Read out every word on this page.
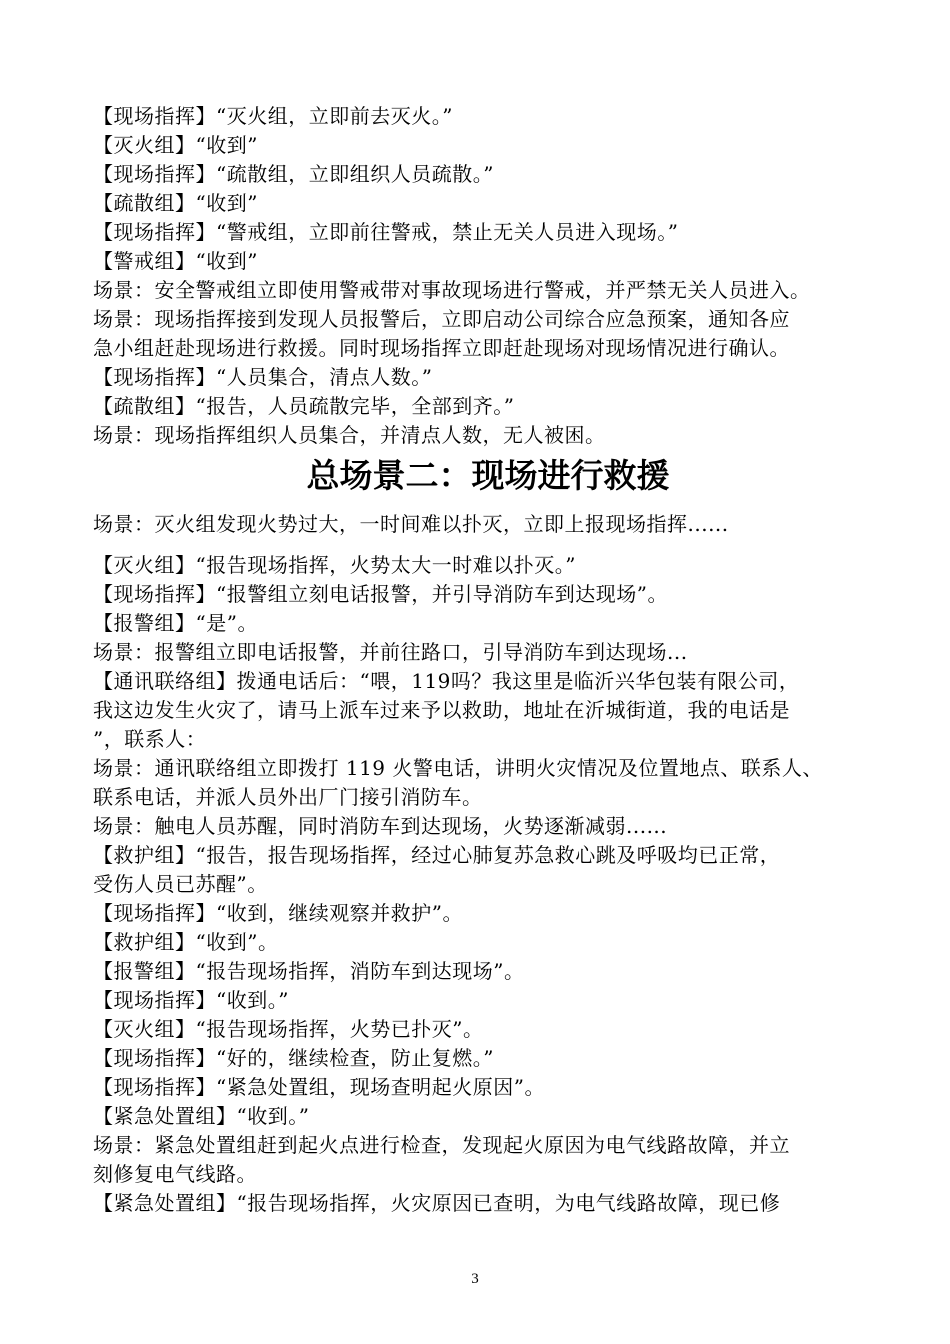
【现场指挥】“灭火组，立即前去灭火。”
【灭火组】“收到”
【现场指挥】“疏散组，立即组织人员疏散。”
【疏散组】“收到”
【现场指挥】“警戒组，立即前往警戒，禁止无关人员进入现场。”
【警戒组】“收到”
场景：安全警戒组立即使用警戒带对事故现场进行警戒，并严禁无关人员进入。
场景：现场指挥接到发现人员报警后，立即启动公司综合应急预案，通知各应
急小组赶赴现场进行救援。同时现场指挥立即赶赴现场对现场情况进行确认。
【现场指挥】“人员集合，清点人数。”
【疏散组】“报告，人员疏散完毕，全部到齐。”
场景：现场指挥组织人员集合，并清点人数，无人被困。
总场景二：现场进行救援
场景：灭火组发现火势过大，一时间难以扑灭，立即上报现场指挥......
【灭火组】“报告现场指挥，火势太大一时难以扑灭。”
【现场指挥】“报警组立刻电话报警，并引导消防车到达现场”。
【报警组】“是”。
场景：报警组立即电话报警，并前往路口，引导消防车到达现场...
【通讯联络组】拨通电话后：“喂，119吗？我这里是临沂兴华包装有限公司，
我这边发生火灾了，请马上派车过来予以救助，地址在沂城街道，我的电话是
”，联系人：
场景：通讯联络组立即拨打 119 火警电话，讲明火灾情况及位置地点、联系人、
联系电话，并派人员外出厂门接引消防车。
场景：触电人员苏醒，同时消防车到达现场，火势逐渐减弱......
【救护组】“报告，报告现场指挥，经过心肺复苏急救心跳及呼吸均已正常，
受伤人员已苏醒”。
【现场指挥】“收到，继续观察并救护”。
【救护组】“收到”。
【报警组】“报告现场指挥，消防车到达现场”。
【现场指挥】“收到。”
【灭火组】“报告现场指挥，火势已扑灭”。
【现场指挥】“好的，继续检查，防止复燃。”
【现场指挥】“紧急处置组，现场查明起火原因”。
【紧急处置组】“收到。”
场景：紧急处置组赶到起火点进行检查，发现起火原因为电气线路故障，并立
刻修复电气线路。
【紧急处置组】“报告现场指挥，火灾原因已查明，为电气线路故障，现已修
3
